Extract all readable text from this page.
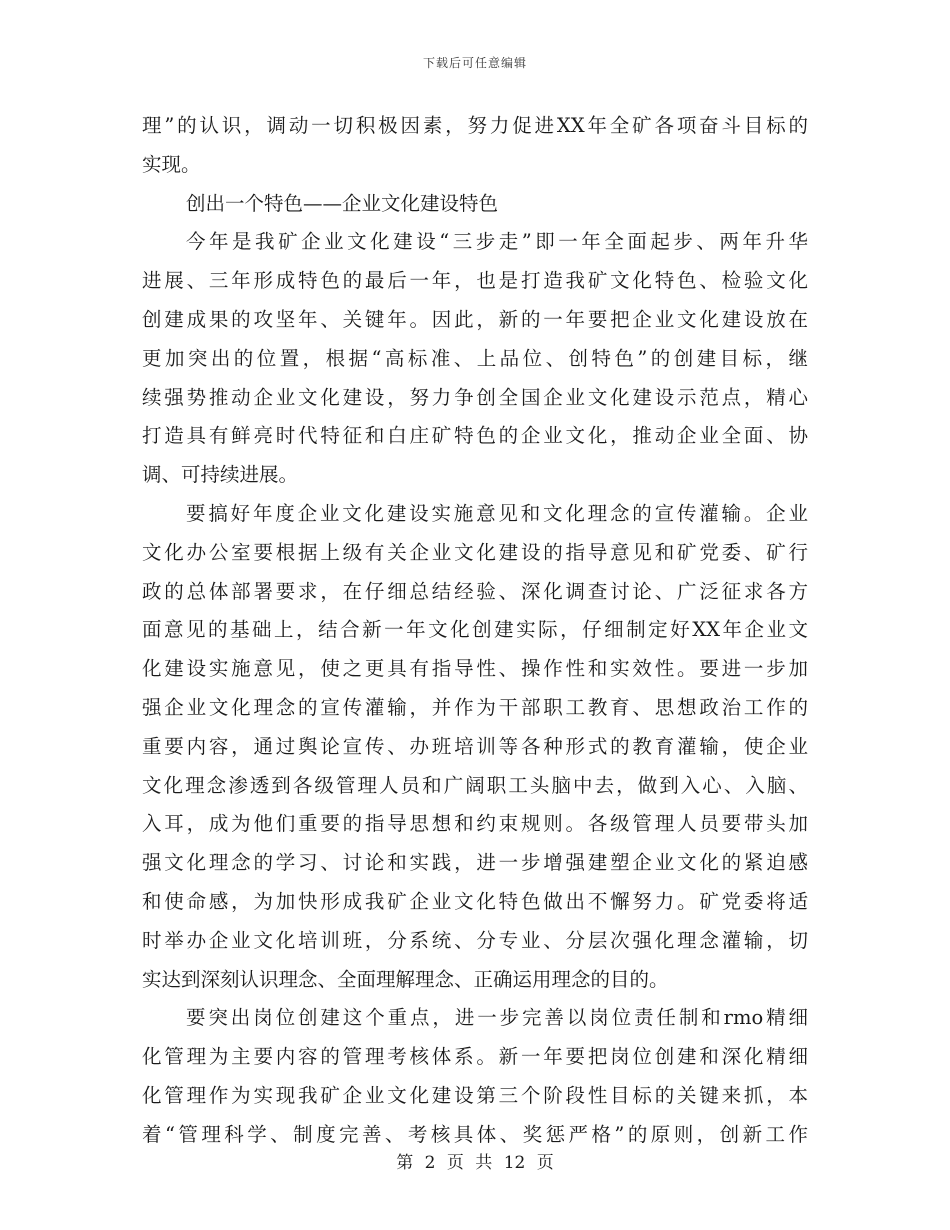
下载后可任意编辑
理”的认识，调动一切积极因素，努力促进XX年全矿各项奋斗目标的
实现。
创出一个特色——企业文化建设特色
今年是我矿企业文化建设“三步走”即一年全面起步、两年升华
进展、三年形成特色的最后一年，也是打造我矿文化特色、检验文化
创建成果的攻坚年、关键年。因此，新的一年要把企业文化建设放在
更加突出的位置，根据“高标准、上品位、创特色”的创建目标，继
续强势推动企业文化建设，努力争创全国企业文化建设示范点，精心
打造具有鲜亮时代特征和白庄矿特色的企业文化，推动企业全面、协
调、可持续进展。
要搞好年度企业文化建设实施意见和文化理念的宣传灌输。企业
文化办公室要根据上级有关企业文化建设的指导意见和矿党委、矿行
政的总体部署要求，在仔细总结经验、深化调查讨论、广泛征求各方
面意见的基础上，结合新一年文化创建实际，仔细制定好XX年企业文
化建设实施意见，使之更具有指导性、操作性和实效性。要进一步加
强企业文化理念的宣传灌输，并作为干部职工教育、思想政治工作的
重要内容，通过舆论宣传、办班培训等各种形式的教育灌输，使企业
文化理念渗透到各级管理人员和广阔职工头脑中去，做到入心、入脑、
入耳，成为他们重要的指导思想和约束规则。各级管理人员要带头加
强文化理念的学习、讨论和实践，进一步增强建塑企业文化的紧迫感
和使命感，为加快形成我矿企业文化特色做出不懈努力。矿党委将适
时举办企业文化培训班，分系统、分专业、分层次强化理念灌输，切
实达到深刻认识理念、全面理解理念、正确运用理念的目的。
要突出岗位创建这个重点，进一步完善以岗位责任制和rmo精细
化管理为主要内容的管理考核体系。新一年要把岗位创建和深化精细
化管理作为实现我矿企业文化建设第三个阶段性目标的关键来抓，本
着“管理科学、制度完善、考核具体、奖惩严格”的原则，创新工作
第 2 页 共 12 页
